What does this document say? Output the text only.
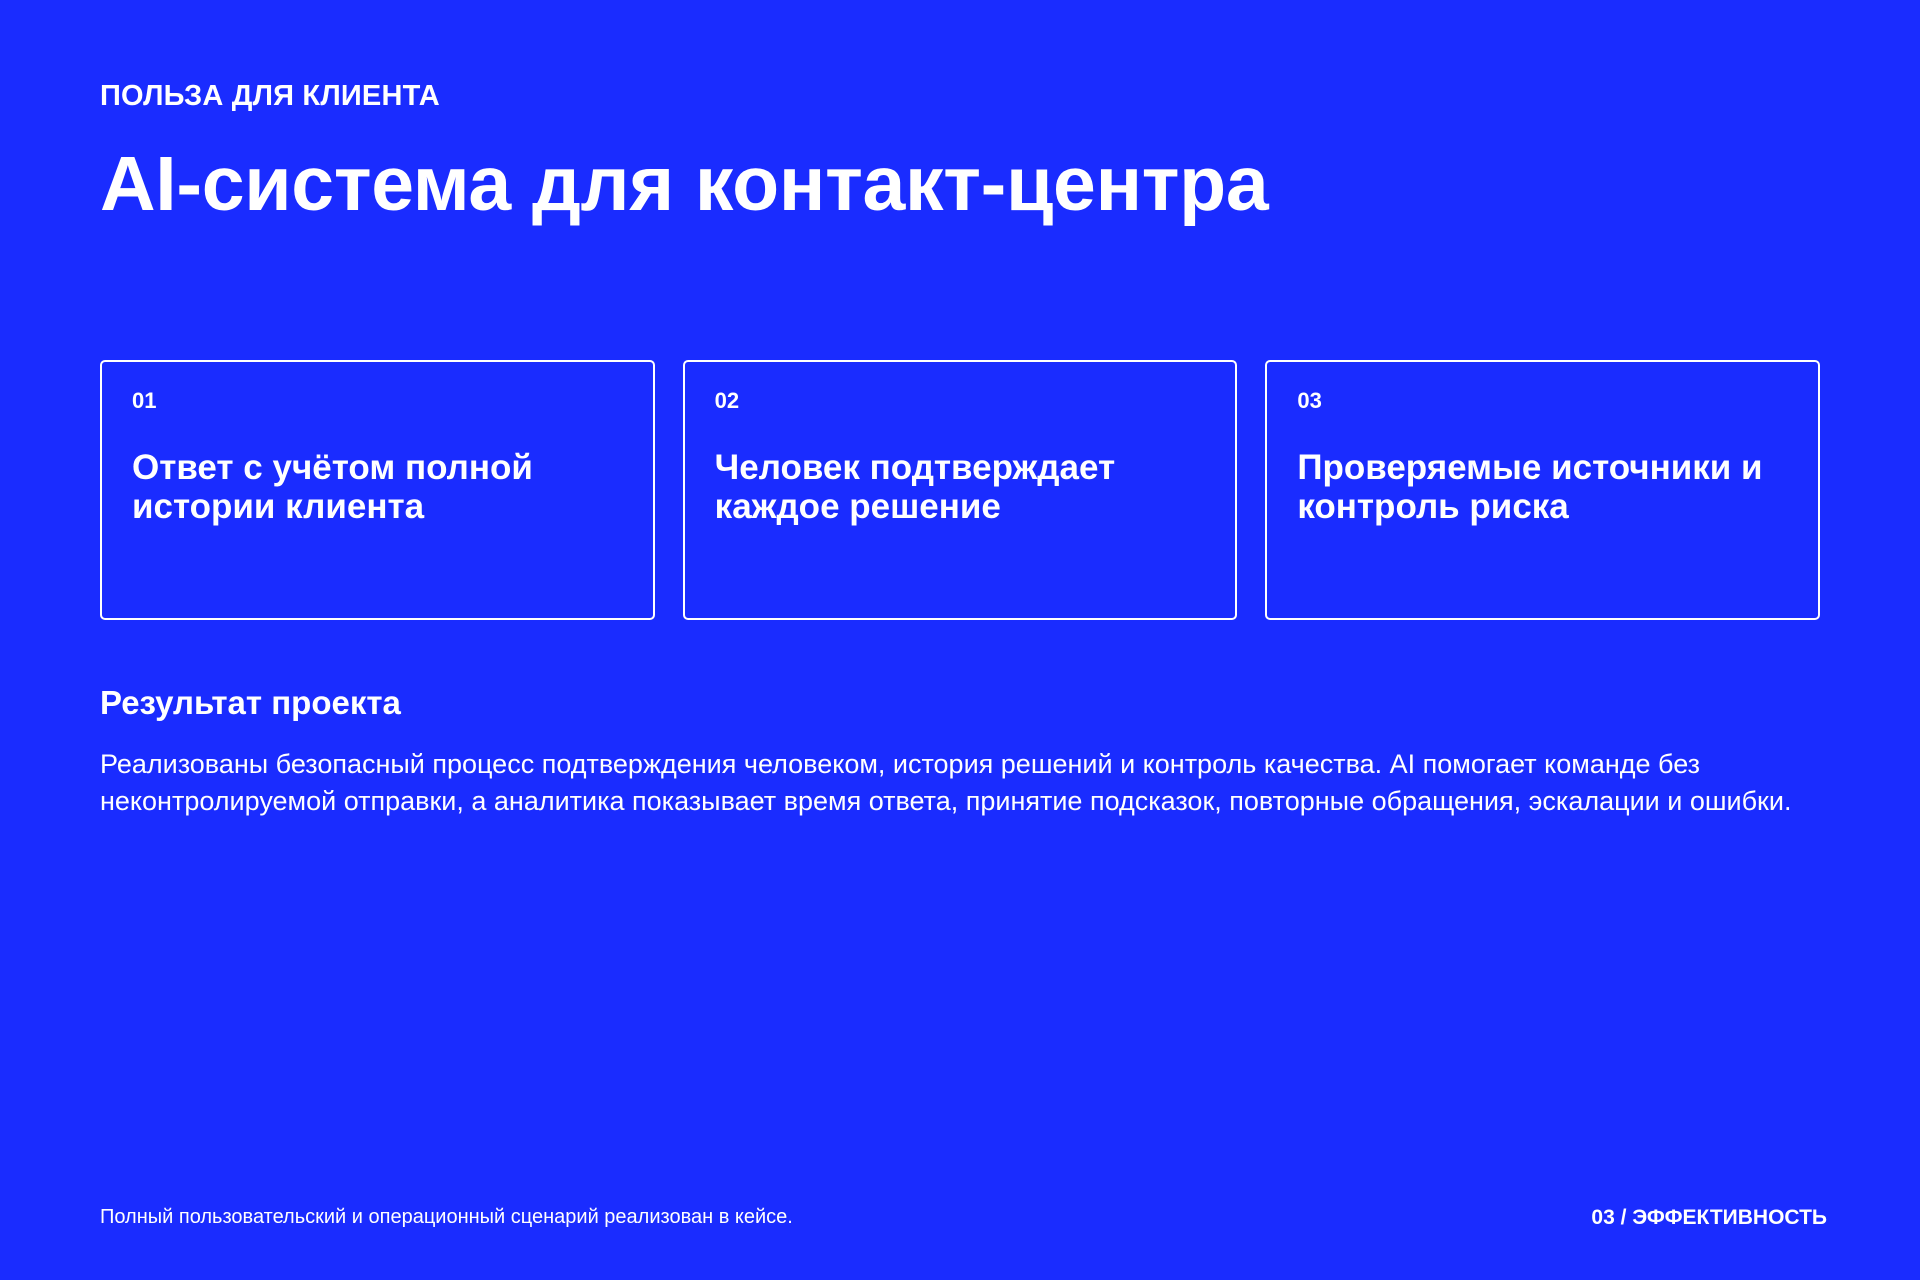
ПОЛЬЗА ДЛЯ КЛИЕНТА
AI-система для контакт-центра
01
Ответ с учётом полной истории клиента
02
Человек подтверждает каждое решение
03
Проверяемые источники и контроль риска
Результат проекта

Реализованы безопасный процесс подтверждения человеком, история решений и контроль качества. AI помогает команде без неконтролируемой отправки, а аналитика показывает время ответа, принятие подсказок, повторные обращения, эскалации и ошибки.

Полный пользовательский и операционный сценарий реализован в кейсе.	03 / ЭФФЕКТИВНОСТЬ
